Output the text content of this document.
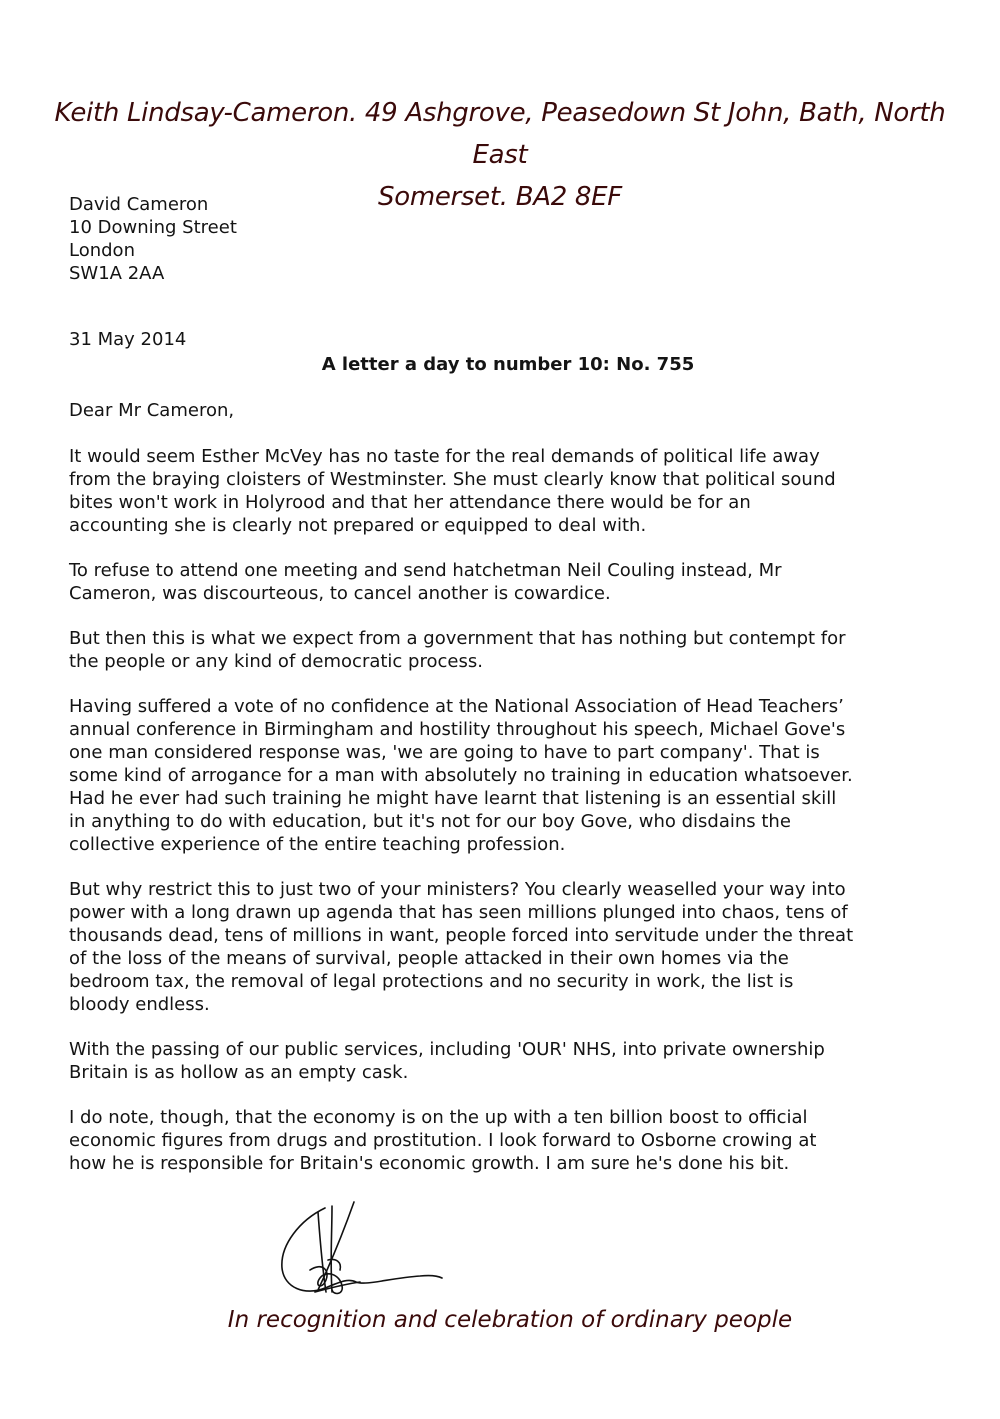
Keith Lindsay-Cameron. 49 Ashgrove, Peasedown St John, Bath, North East
Somerset. BA2 8EF
David Cameron
10 Downing Street
London
SW1A 2AA
31 May 2014
A letter a day to number 10: No. 755
Dear Mr Cameron,

It would seem Esther McVey has no taste for the real demands of political life away
from the braying cloisters of Westminster. She must clearly know that political sound
bites won't work in Holyrood and that her attendance there would be for an
accounting she is clearly not prepared or equipped to deal with.

To refuse to attend one meeting and send hatchetman Neil Couling instead, Mr
Cameron, was discourteous, to cancel another is cowardice.

But then this is what we expect from a government that has nothing but contempt for
the people or any kind of democratic process.

Having suffered a vote of no confidence at the National Association of Head Teachers’
annual conference in Birmingham and hostility throughout his speech, Michael Gove's
one man considered response was, 'we are going to have to part company'. That is
some kind of arrogance for a man with absolutely no training in education whatsoever.
Had he ever had such training he might have learnt that listening is an essential skill
in anything to do with education, but it's not for our boy Gove, who disdains the
collective experience of the entire teaching profession.

But why restrict this to just two of your ministers? You clearly weaselled your way into
power with a long drawn up agenda that has seen millions plunged into chaos, tens of
thousands dead, tens of millions in want, people forced into servitude under the threat
of the loss of the means of survival, people attacked in their own homes via the
bedroom tax, the removal of legal protections and no security in work, the list is
bloody endless.

With the passing of our public services, including 'OUR' NHS, into private ownership
Britain is as hollow as an empty cask.

I do note, though, that the economy is on the up with a ten billion boost to official
economic figures from drugs and prostitution. I look forward to Osborne crowing at
how he is responsible for Britain's economic growth. I am sure he's done his bit.

In recognition and celebration of ordinary people
